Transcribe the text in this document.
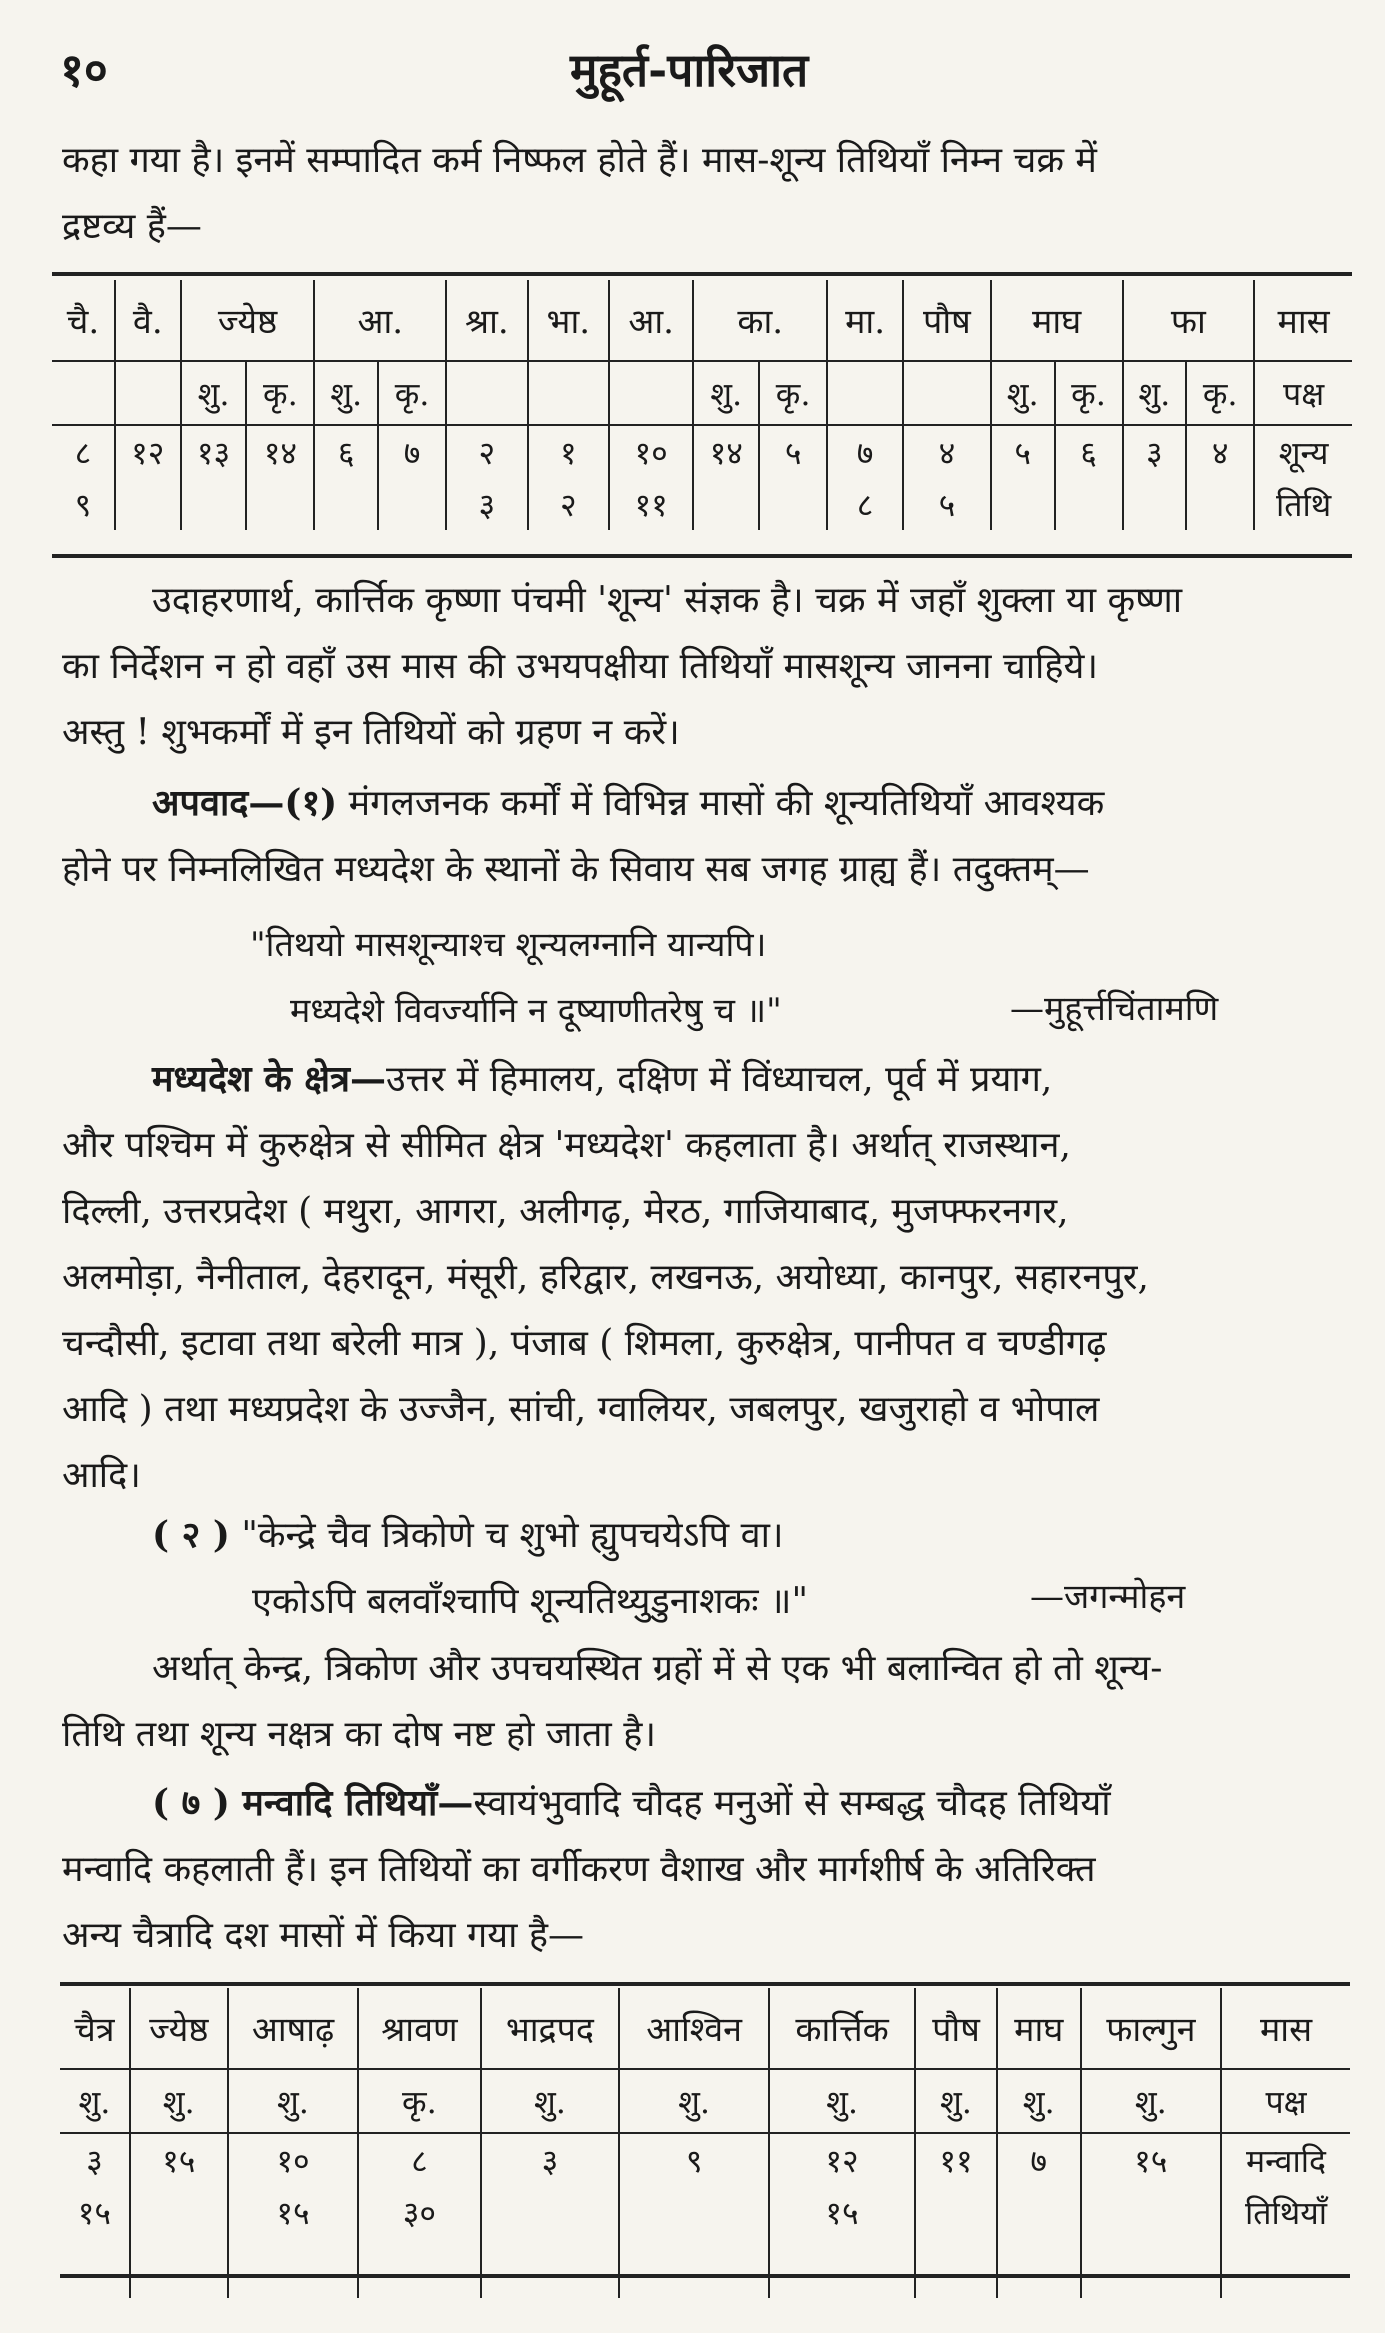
१०	मुहूर्त-पारिजात
कहा गया है। इनमें सम्पादित कर्म निष्फल होते हैं। मास-शून्य तिथियाँ निम्न चक्र में
द्रष्टव्य हैं—
चै.	वै.	ज्येष्ठ		आ.		श्रा.	भा.	आ.	का.		मा.	पौष	माघ		फा		मास
		शु.	कृ.	शु.	कृ.				शु.	कृ.			शु.	कृ.	शु.	कृ.	पक्ष
८	१२	१३	१४	६	७	२	१	१०	१४	५	७	४	५	६	३	४	शून्य
९						३	२	११			८	५					तिथि
उदाहरणार्थ, कार्त्तिक कृष्णा पंचमी 'शून्य' संज्ञक है। चक्र में जहाँ शुक्ला या कृष्णा
का निर्देशन न हो वहाँ उस मास की उभयपक्षीया तिथियाँ मासशून्य जानना चाहिये।
अस्तु ! शुभकर्मों में इन तिथियों को ग्रहण न करें।
अपवाद—(१) मंगलजनक कर्मों में विभिन्न मासों की शून्यतिथियाँ आवश्यक
होने पर निम्नलिखित मध्यदेश के स्थानों के सिवाय सब जगह ग्राह्य हैं। तदुक्तम्—
"तिथयो मासशून्याश्च शून्यलग्नानि यान्यपि।
मध्यदेशे विवर्ज्यानि न दूष्याणीतरेषु च ॥"	—मुहूर्त्तचिंतामणि
मध्यदेश के क्षेत्र—उत्तर में हिमालय, दक्षिण में विंध्याचल, पूर्व में प्रयाग,
और पश्चिम में कुरुक्षेत्र से सीमित क्षेत्र 'मध्यदेश' कहलाता है। अर्थात् राजस्थान,
दिल्ली, उत्तरप्रदेश ( मथुरा, आगरा, अलीगढ़, मेरठ, गाजियाबाद, मुजफ्फरनगर,
अलमोड़ा, नैनीताल, देहरादून, मंसूरी, हरिद्वार, लखनऊ, अयोध्या, कानपुर, सहारनपुर,
चन्दौसी, इटावा तथा बरेली मात्र ), पंजाब ( शिमला, कुरुक्षेत्र, पानीपत व चण्डीगढ़
आदि ) तथा मध्यप्रदेश के उज्जैन, सांची, ग्वालियर, जबलपुर, खजुराहो व भोपाल
आदि।
( २ ) "केन्द्रे चैव त्रिकोणे च शुभो ह्युपचयेऽपि वा।
एकोऽपि बलवाँश्चापि शून्यतिथ्युडुनाशकः ॥"	—जगन्मोहन
अर्थात् केन्द्र, त्रिकोण और उपचयस्थित ग्रहों में से एक भी बलान्वित हो तो शून्य-
तिथि तथा शून्य नक्षत्र का दोष नष्ट हो जाता है।
( ७ ) मन्वादि तिथियाँ—स्वायंभुवादि चौदह मनुओं से सम्बद्ध चौदह तिथियाँ
मन्वादि कहलाती हैं। इन तिथियों का वर्गीकरण वैशाख और मार्गशीर्ष के अतिरिक्त
अन्य चैत्रादि दश मासों में किया गया है—
चैत्र	ज्येष्ठ	आषाढ़	श्रावण	भाद्रपद	आश्विन	कार्त्तिक	पौष	माघ	फाल्गुन	मास
शु.	शु.	शु.	कृ.	शु.	शु.	शु.	शु.	शु.	शु.	पक्ष
३	१५	१०	८	३	९	१२	११	७	१५	मन्वादि
१५		१५	३०			१५				तिथियाँ
